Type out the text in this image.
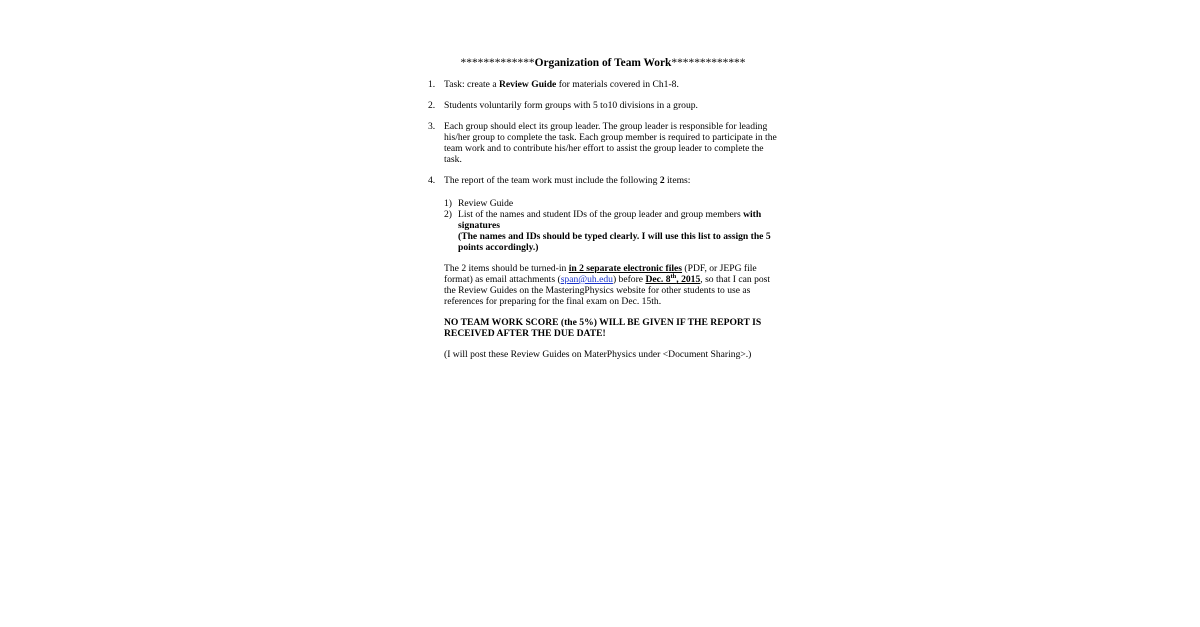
*************Organization of Team Work*************
1. Task: create a Review Guide for materials covered in Ch1-8.
2. Students voluntarily form groups with 5 to10 divisions in a group.
3. Each group should elect its group leader. The group leader is responsible for leading his/her group to complete the task. Each group member is required to participate in the team work and to contribute his/her effort to assist the group leader to complete the task.
4. The report of the team work must include the following 2 items:
1) Review Guide
2) List of the names and student IDs of the group leader and group members with signatures
(The names and IDs should be typed clearly. I will use this list to assign the 5 points accordingly.)
The 2 items should be turned-in in 2 separate electronic files (PDF, or JEPG file format) as email attachments (span@uh.edu) before Dec. 8th, 2015, so that I can post the Review Guides on the MasteringPhysics website for other students to use as references for preparing for the final exam on Dec. 15th.
NO TEAM WORK SCORE (the 5%) WILL BE GIVEN IF THE REPORT IS RECEIVED AFTER THE DUE DATE!
(I will post these Review Guides on MaterPhysics under <Document Sharing>.)
